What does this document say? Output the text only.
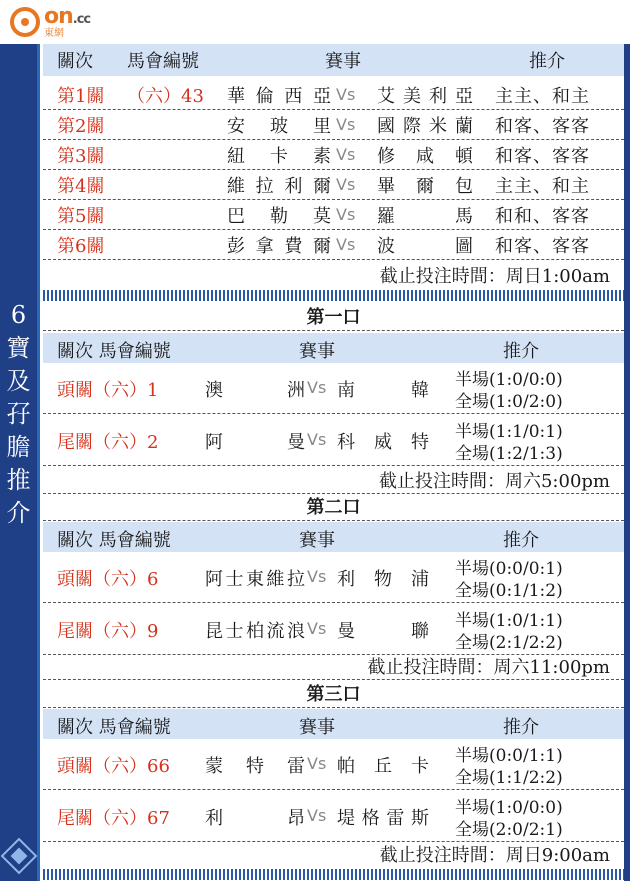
on.cc
東網
6
寶
及
孖
膽
推
介
關次 馬會編號	賽事	推介
第1關 （六）43 華倫西亞 Vs 艾美利亞 主主、和主
第2關	安玻里 Vs 國際米蘭 和客、客客
第3關	紐卡素 Vs 修咸頓 和客、客客
第4關	維拉利爾 Vs 畢爾包 主主、和主
第5關	巴勒莫 Vs 羅馬 和和、客客
第6關	彭拿費爾 Vs 波圖 和客、客客
截止投注時間：周日1:00am
第一口
關次 馬會編號	賽事	推介
頭關（六）1	澳洲 Vs 南韓 半場(1:0/0:0)
全場(1:0/2:0)
尾關（六）2	阿曼 Vs 科威特 半場(1:1/0:1)
全場(1:2/1:3)
截止投注時間：周六5:00pm
第二口
關次 馬會編號	賽事	推介
頭關（六）6	阿士東維拉 Vs 利物浦 半場(0:0/0:1)
全場(0:1/1:2)
尾關（六）9	昆士柏流浪 Vs 曼聯 半場(1:0/1:1)
全場(2:1/2:2)
截止投注時間：周六11:00pm
第三口
關次 馬會編號	賽事	推介
頭關（六）66 蒙特雷 Vs 帕丘卡 半場(0:0/1:1)
全場(1:1/2:2)
尾關（六）67 利昂 Vs 堤格雷斯 半場(1:0/0:0)
全場(2:0/2:1)
截止投注時間：周日9:00am
